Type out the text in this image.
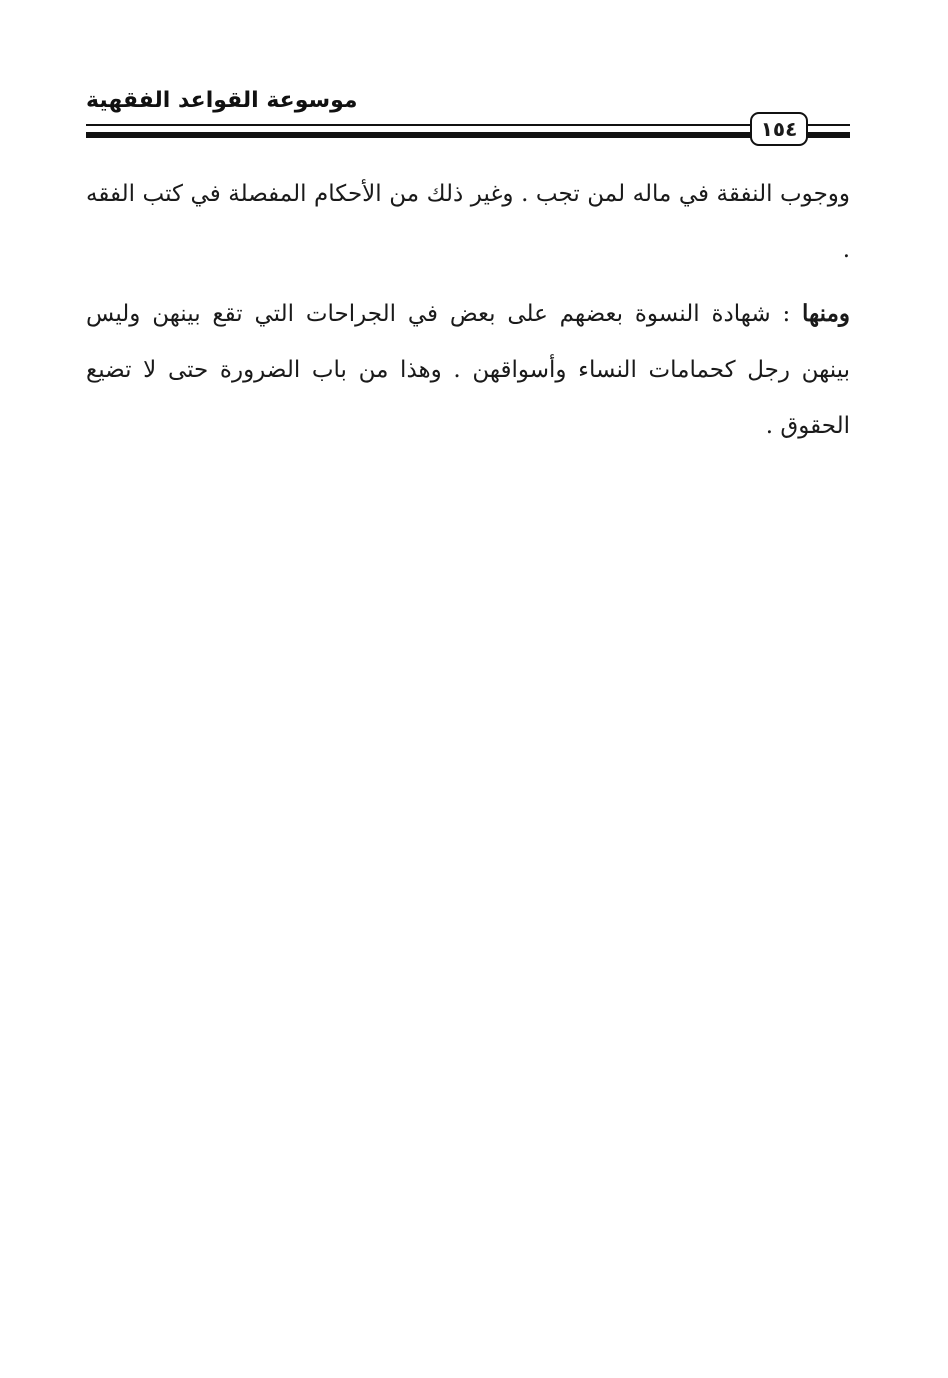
موسوعة القواعد الفقهية
١٥٤

ووجوب النفقة في ماله لمن تجب . وغير ذلك من الأحكام المفصلة في كتب الفقه .

ومنها : شهادة النسوة بعضهم على بعض في الجراحات التي تقع بينهن وليس بينهن رجل كحمامات النساء وأسواقهن . وهذا من باب الضرورة حتى لا تضيع الحقوق .
